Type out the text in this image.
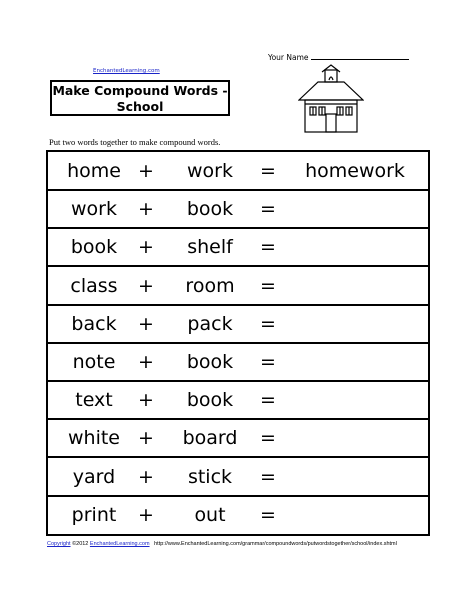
Your Name
EnchantedLearning.com
Make Compound Words -
School
Put two words together to make compound words.
home +	work	=	homework
work	+	book	=
book	+	shelf	=
class	+	room	=
back	+	pack	=
note	+	book	=
text	+	book	=
white +	board	=
yard	+	stick	=
print	+	out	=
Copyright ©2012 EnchantedLearning.com http://www.EnchantedLearning.com/grammar/compoundwords/putwordstogether/school/index.shtml
